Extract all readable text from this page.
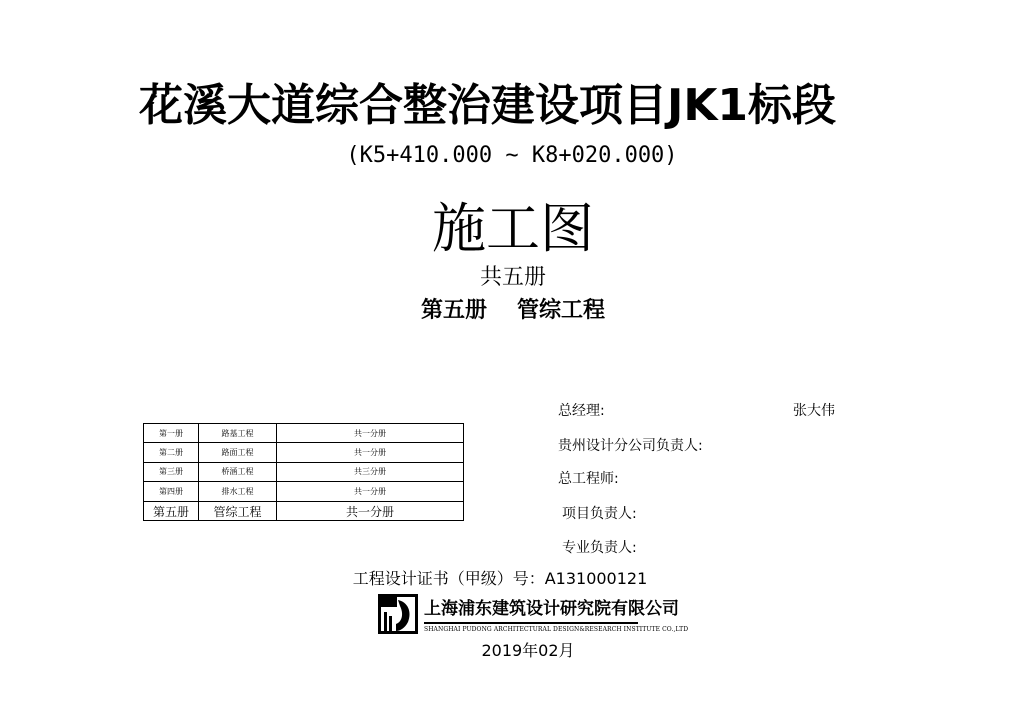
花溪大道综合整治建设项目JK1标段
(K5+410.000 ~ K8+020.000)
施工图
共五册
第五册 管综工程
第一册	路基工程	共一分册
第二册	路面工程	共一分册
第三册	桥涵工程	共三分册
第四册	排水工程	共一分册
第五册	管综工程	共一分册
总经理:	张大伟
贵州设计分公司负责人:
总工程师:
项目负责人:
专业负责人:
工程设计证书（甲级）号：A131000121
上海浦东建筑设计研究院有限公司
SHANGHAI PUDONG ARCHITECTURAL DESIGN&RESEARCH INSTITUTE CO.,LTD
2019年02月
